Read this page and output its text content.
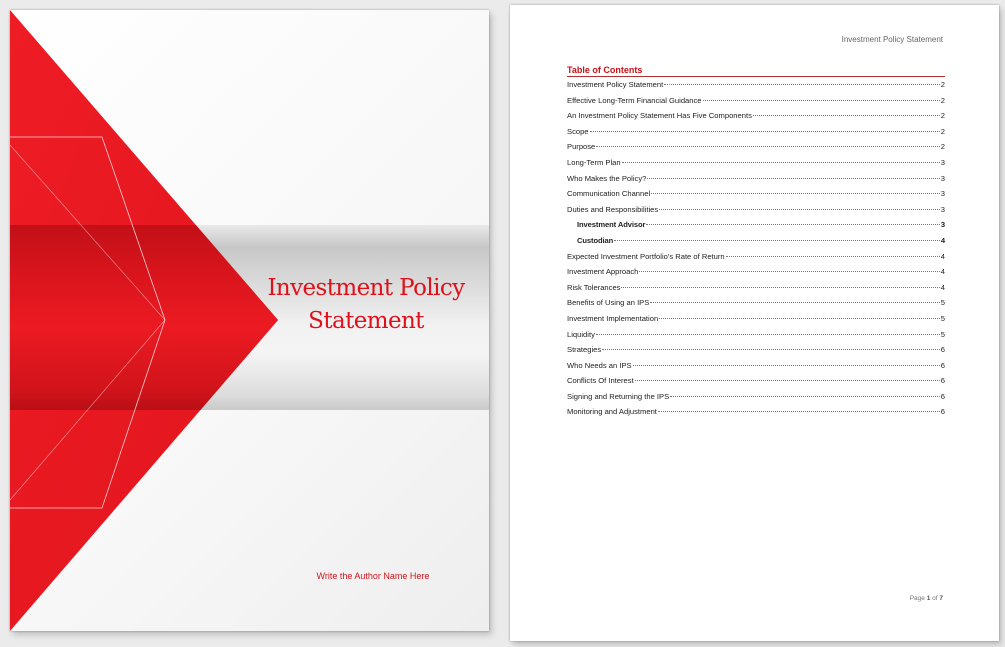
Investment Policy
Statement
Write the Author Name Here
Investment Policy Statement
Table of Contents
Investment Policy Statement	2
Effective Long-Term Financial Guidance	2
An Investment Policy Statement Has Five Components	2
Scope	2
Purpose	2
Long-Term Plan	3
Who Makes the Policy?	3
Communication Channel	3
Duties and Responsibilities	3
Investment Advisor	3
Custodian	4
Expected Investment Portfolio's Rate of Return	4
Investment Approach	4
Risk Tolerances	4
Benefits of Using an IPS	5
Investment Implementation	5
Liquidity	5
Strategies	6
Who Needs an IPS	6
Conflicts Of Interest	6
Signing and Returning the IPS	6
Monitoring and Adjustment	6
Page 1 of 7
